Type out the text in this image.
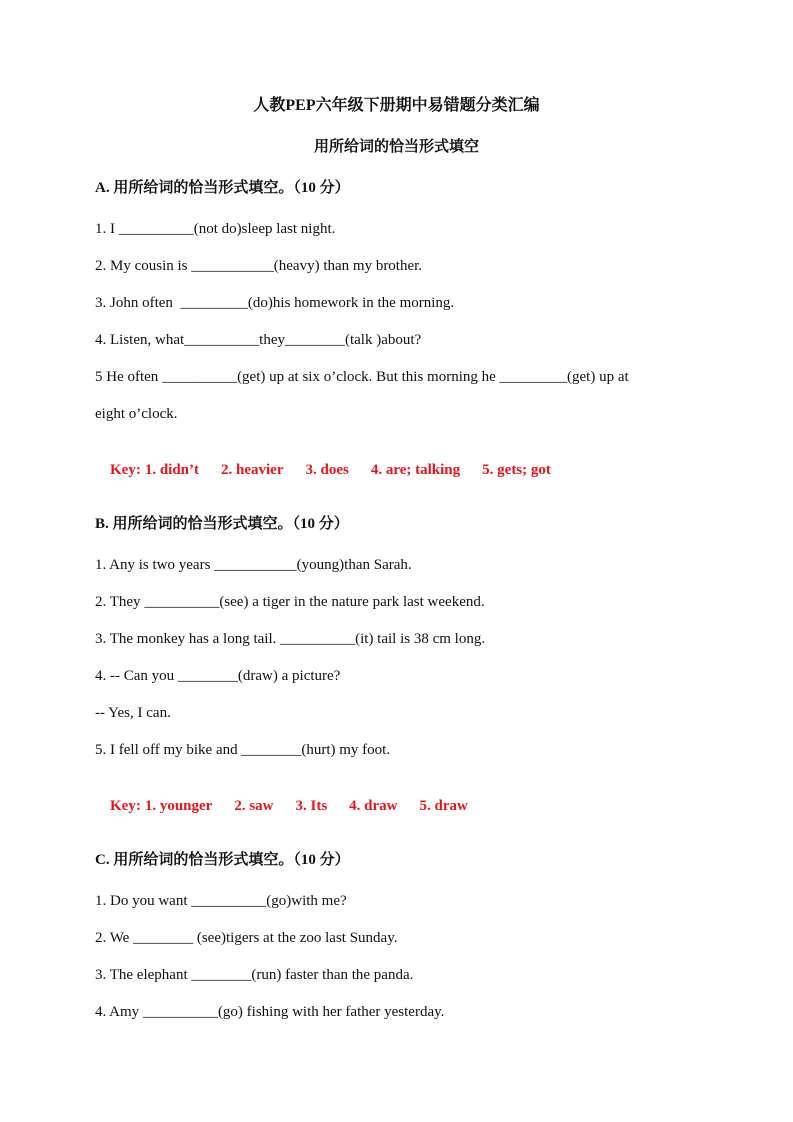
人教PEP六年级下册期中易错题分类汇编
用所给词的恰当形式填空
A. 用所给词的恰当形式填空。（10 分）
1. I __________(not do)sleep last night.
2. My cousin is ___________(heavy) than my brother.
3. John often  _________(do)his homework in the morning.
4. Listen, what__________they________(talk )about?
5 He often __________(get) up at six o’clock. But this morning he _________(get) up at
eight o’clock.

Key: 1. didn’t 2. heavier 3. does 4. are; talking 5. gets; got

B. 用所给词的恰当形式填空。（10 分）
1. Any is two years ___________(young)than Sarah.
2. They __________(see) a tiger in the nature park last weekend.
3. The monkey has a long tail. __________(it) tail is 38 cm long.
4. -- Can you ________(draw) a picture?
-- Yes, I can.
5. I fell off my bike and ________(hurt) my foot.

Key: 1. younger 2. saw 3. Its 4. draw 5. draw

C. 用所给词的恰当形式填空。（10 分）
1. Do you want __________(go)with me?
2. We ________ (see)tigers at the zoo last Sunday.
3. The elephant ________(run) faster than the panda.
4. Amy __________(go) fishing with her father yesterday.
